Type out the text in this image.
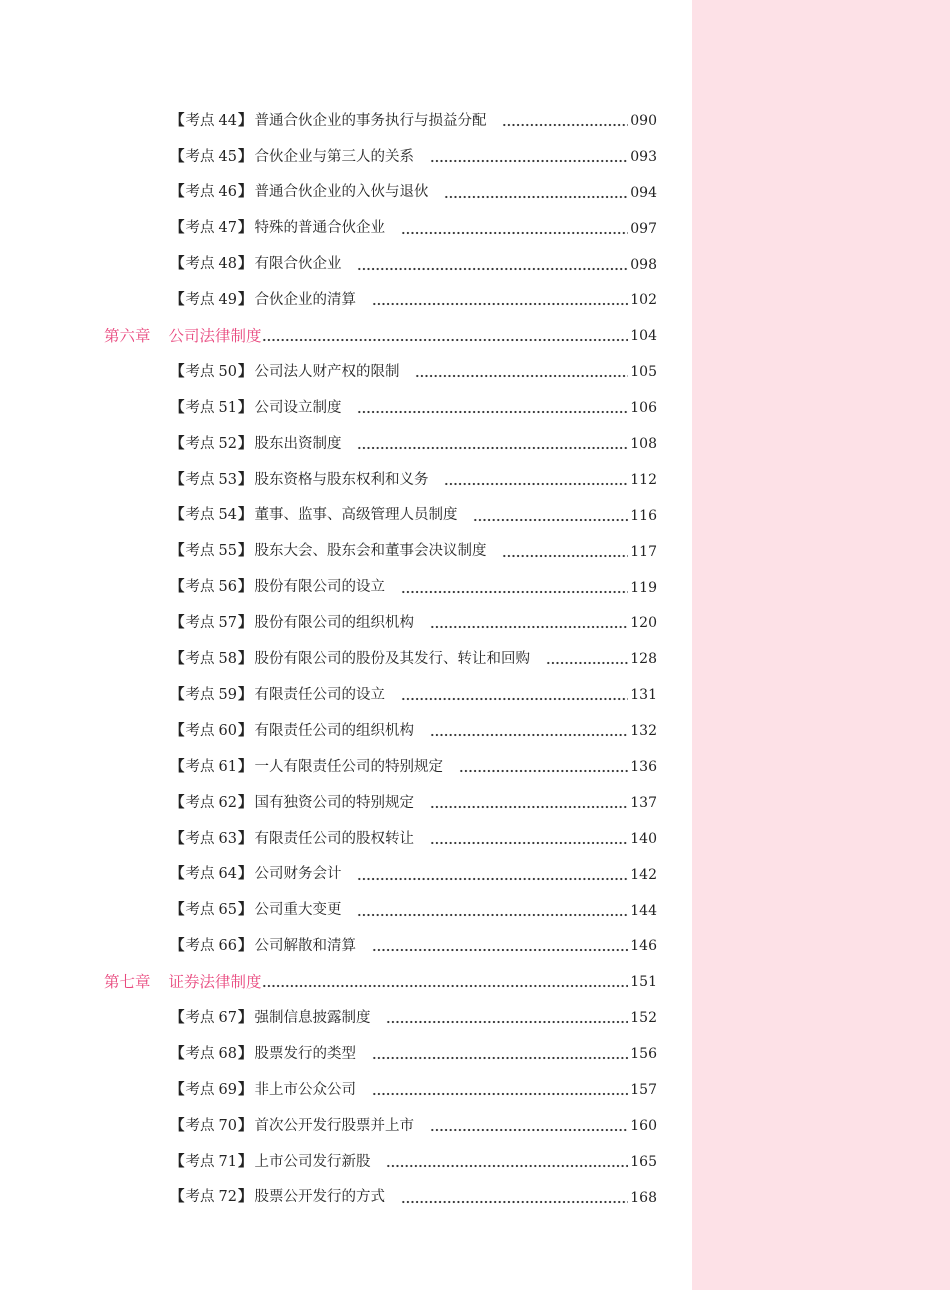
【 考点 44 】 普通合伙企业的事务执行与损益分配	090
【 考点 45 】 合伙企业与第三人的关系	093
【 考点 46 】 普通合伙企业的入伙与退伙	094
【 考点 47 】 特殊的普通合伙企业	097
【 考点 48 】 有限合伙企业	098
【 考点 49 】 合伙企业的清算	102
第六章 公司法律制度	104
【 考点 50 】 公司法人财产权的限制	105
【 考点 51 】 公司设立制度	106
【 考点 52 】 股东出资制度	108
【 考点 53 】 股东资格与股东权利和义务	112
【 考点 54 】 董事、监事、高级管理人员制度	116
【 考点 55 】 股东大会、股东会和董事会决议制度	117
【 考点 56 】 股份有限公司的设立	119
【 考点 57 】 股份有限公司的组织机构	120
【 考点 58 】 股份有限公司的股份及其发行、转让和回购	128
【 考点 59 】 有限责任公司的设立	131
【 考点 60 】 有限责任公司的组织机构	132
【 考点 61 】 一人有限责任公司的特别规定	136
【 考点 62 】 国有独资公司的特别规定	137
【 考点 63 】 有限责任公司的股权转让	140
【 考点 64 】 公司财务会计	142
【 考点 65 】 公司重大变更	144
【 考点 66 】 公司解散和清算	146
第七章 证券法律制度	151
【 考点 67 】 强制信息披露制度	152
【 考点 68 】 股票发行的类型	156
【 考点 69 】 非上市公众公司	157
【 考点 70 】 首次公开发行股票并上市	160
【 考点 71 】 上市公司发行新股	165
【 考点 72 】 股票公开发行的方式	168
